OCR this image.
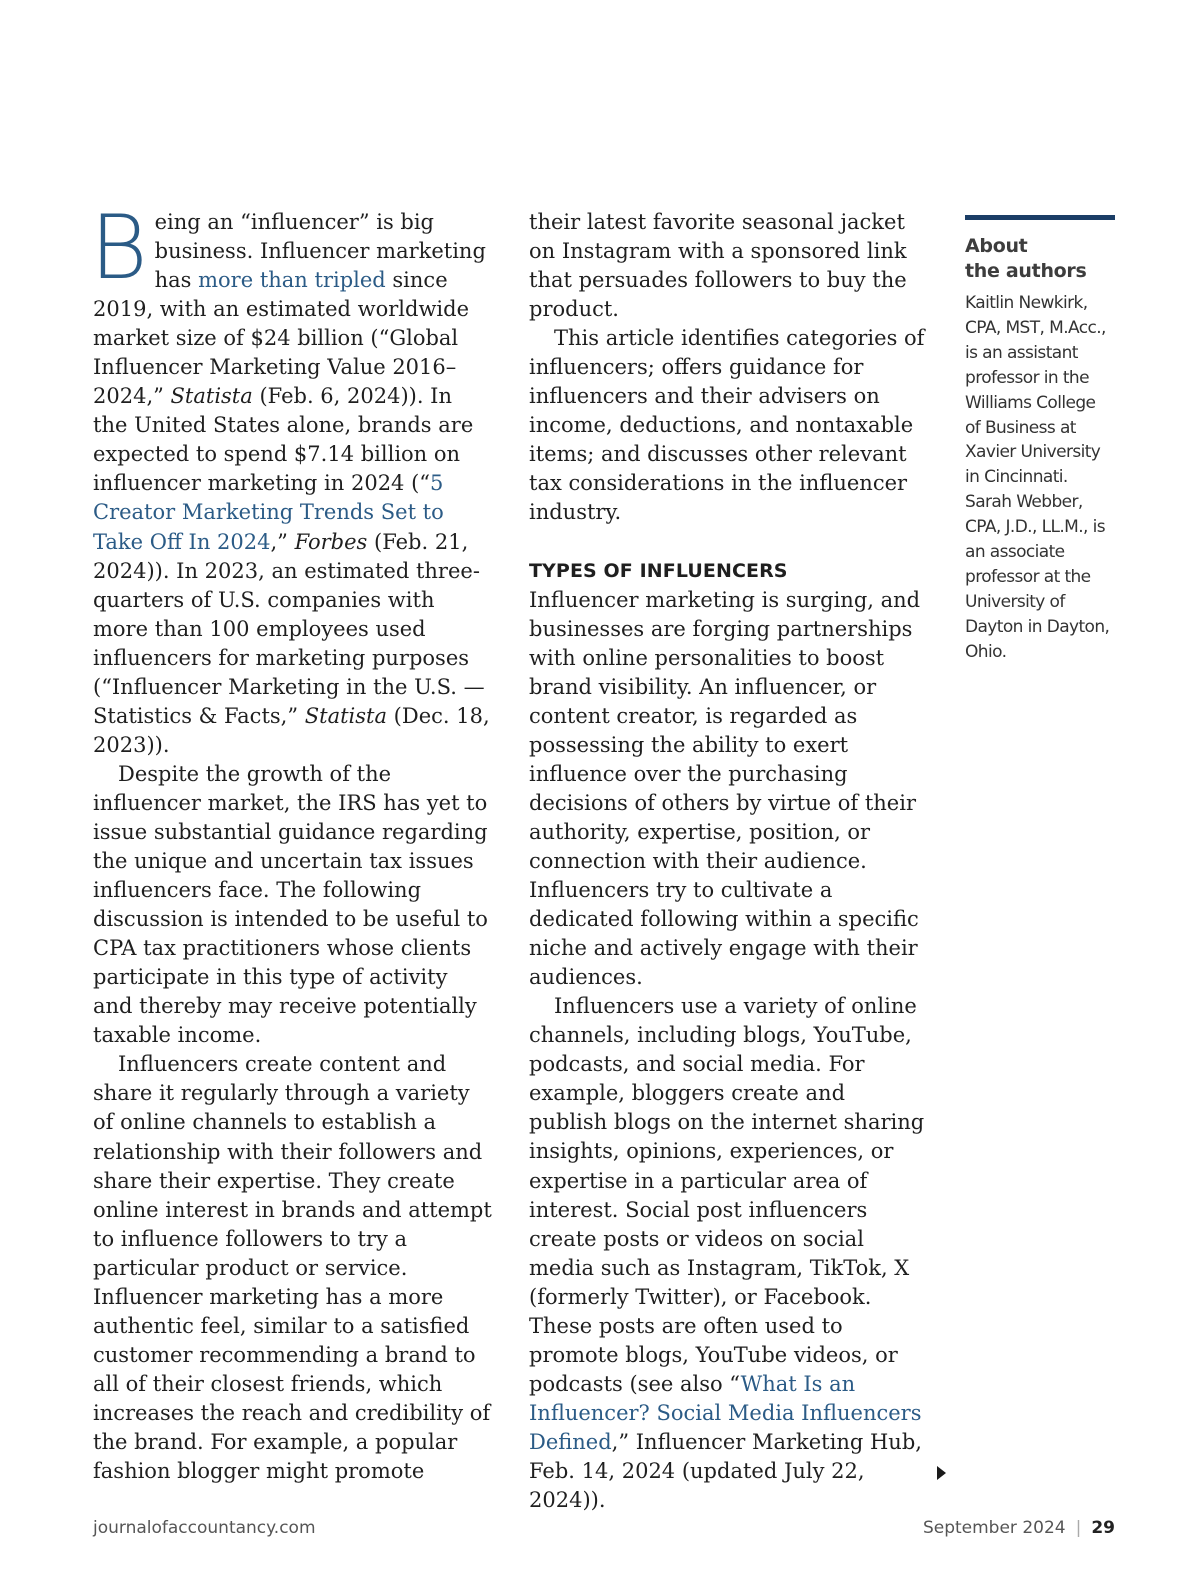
Being an “influencer” is big business. Influencer marketing has more than tripled since 2019, with an estimated worldwide market size of $24 billion (“Global Influencer Marketing Value 2016–2024,” Statista (Feb. 6, 2024)). In the United States alone, brands are expected to spend $7.14 billion on influencer marketing in 2024 (“5 Creator Marketing Trends Set to Take Off In 2024,” Forbes (Feb. 21, 2024)). In 2023, an estimated three-quarters of U.S. companies with more than 100 employees used influencers for marketing purposes (“Influencer Marketing in the U.S. — Statistics & Facts,” Statista (Dec. 18, 2023)).

Despite the growth of the influencer market, the IRS has yet to issue substantial guidance regarding the unique and uncertain tax issues influencers face. The following discussion is intended to be useful to CPA tax practitioners whose clients participate in this type of activity and thereby may receive potentially taxable income.

Influencers create content and share it regularly through a variety of online channels to establish a relationship with their followers and share their expertise. They create online interest in brands and attempt to influence followers to try a particular product or service. Influencer marketing has a more authentic feel, similar to a satisfied customer recommending a brand to all of their closest friends, which increases the reach and credibility of the brand. For example, a popular fashion blogger might promote

their latest favorite seasonal jacket on Instagram with a sponsored link that persuades followers to buy the product.

This article identifies categories of influencers; offers guidance for influencers and their advisers on income, deductions, and nontaxable items; and discusses other relevant tax considerations in the influencer industry.

TYPES OF INFLUENCERS

Influencer marketing is surging, and businesses are forging partnerships with online personalities to boost brand visibility. An influencer, or content creator, is regarded as possessing the ability to exert influence over the purchasing decisions of others by virtue of their authority, expertise, position, or connection with their audience. Influencers try to cultivate a dedicated following within a specific niche and actively engage with their audiences.

Influencers use a variety of online channels, including blogs, YouTube, podcasts, and social media. For example, bloggers create and publish blogs on the internet sharing insights, opinions, experiences, or expertise in a particular area of interest. Social post influencers create posts or videos on social media such as Instagram, TikTok, X (formerly Twitter), or Facebook. These posts are often used to promote blogs, YouTube videos, or podcasts (see also “What Is an Influencer? Social Media Influencers Defined,” Influencer Marketing Hub, Feb. 14, 2024 (updated July 22, 2024)).

About
the authors
Kaitlin Newkirk, CPA, MST, M.Acc., is an assistant professor in the Williams College of Business at Xavier University in Cincinnati. Sarah Webber, CPA, J.D., LL.M., is an associate professor at the University of Dayton in Dayton, Ohio.
journalofaccountancy.com	September 2024 | 29
